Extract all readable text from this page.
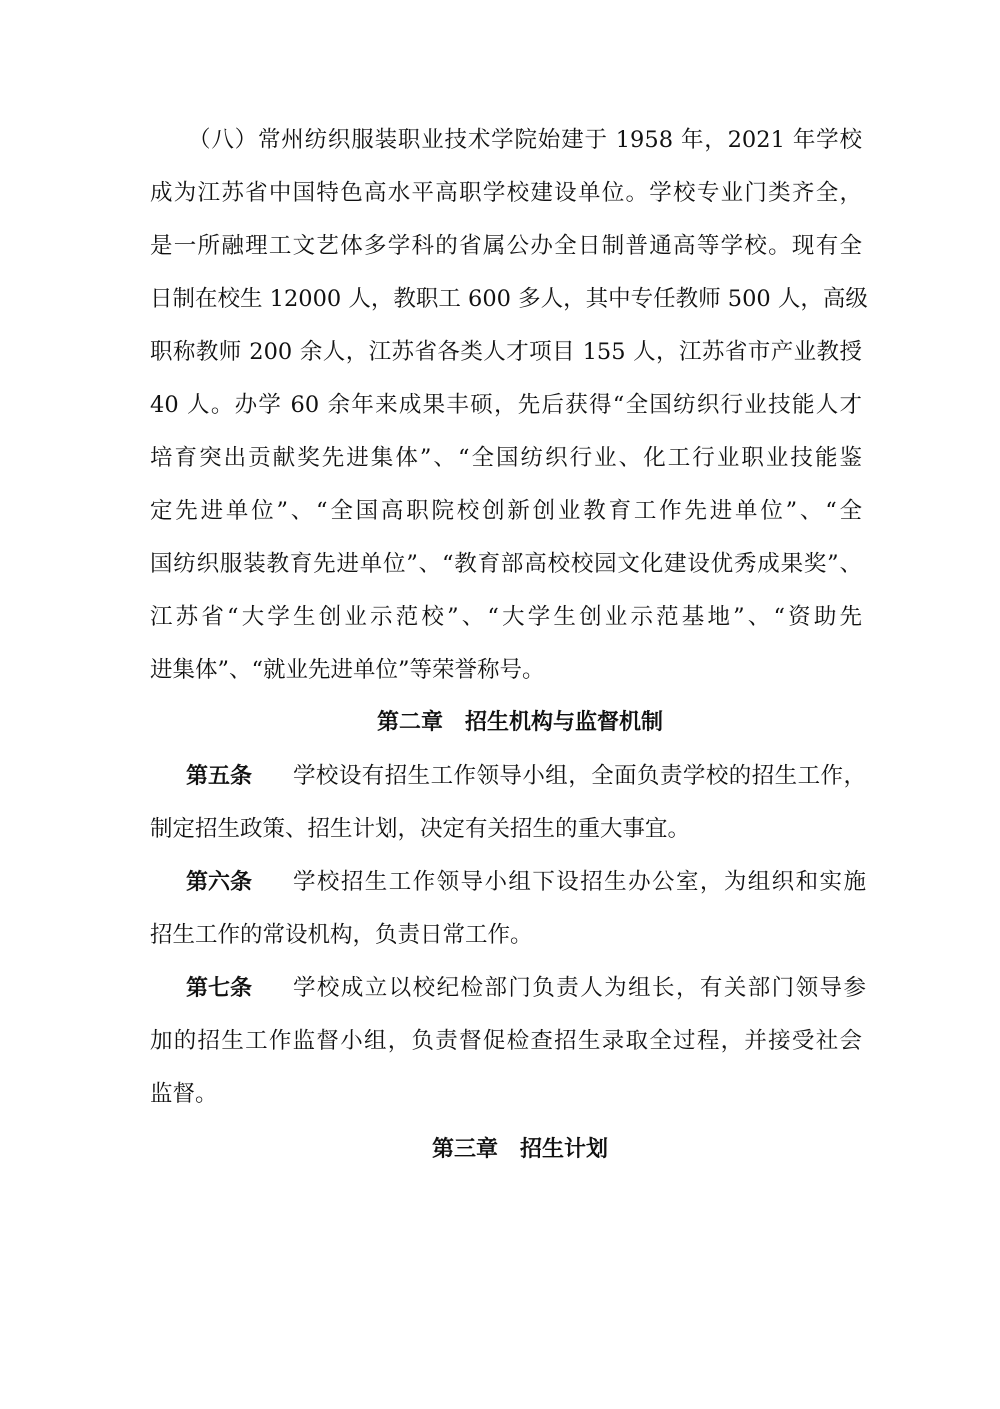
（八）常州纺织服装职业技术学院始建于 1958 年，2021 年学校
成为江苏省中国特色高水平高职学校建设单位。学校专业门类齐全，
是一所融理工文艺体多学科的省属公办全日制普通高等学校。现有全
日制在校生 12000 人，教职工 600 多人，其中专任教师 500 人，高级
职称教师 200 余人，江苏省各类人才项目 155 人，江苏省市产业教授
40 人。办学 60 余年来成果丰硕，先后获得“全国纺织行业技能人才
培育突出贡献奖先进集体”、“全国纺织行业、化工行业职业技能鉴
定先进单位”、“全国高职院校创新创业教育工作先进单位”、“全
国纺织服装教育先进单位”、“教育部高校校园文化建设优秀成果奖”、
江苏省“大学生创业示范校”、“大学生创业示范基地”、“资助先
进集体”、“就业先进单位”等荣誉称号。
第二章　招生机构与监督机制
第五条	学校设有招生工作领导小组，全面负责学校的招生工作，
制定招生政策、招生计划，决定有关招生的重大事宜。
第六条	学校招生工作领导小组下设招生办公室，为组织和实施
招生工作的常设机构，负责日常工作。
第七条	学校成立以校纪检部门负责人为组长，有关部门领导参
加的招生工作监督小组，负责督促检查招生录取全过程，并接受社会
监督。
第三章　招生计划
